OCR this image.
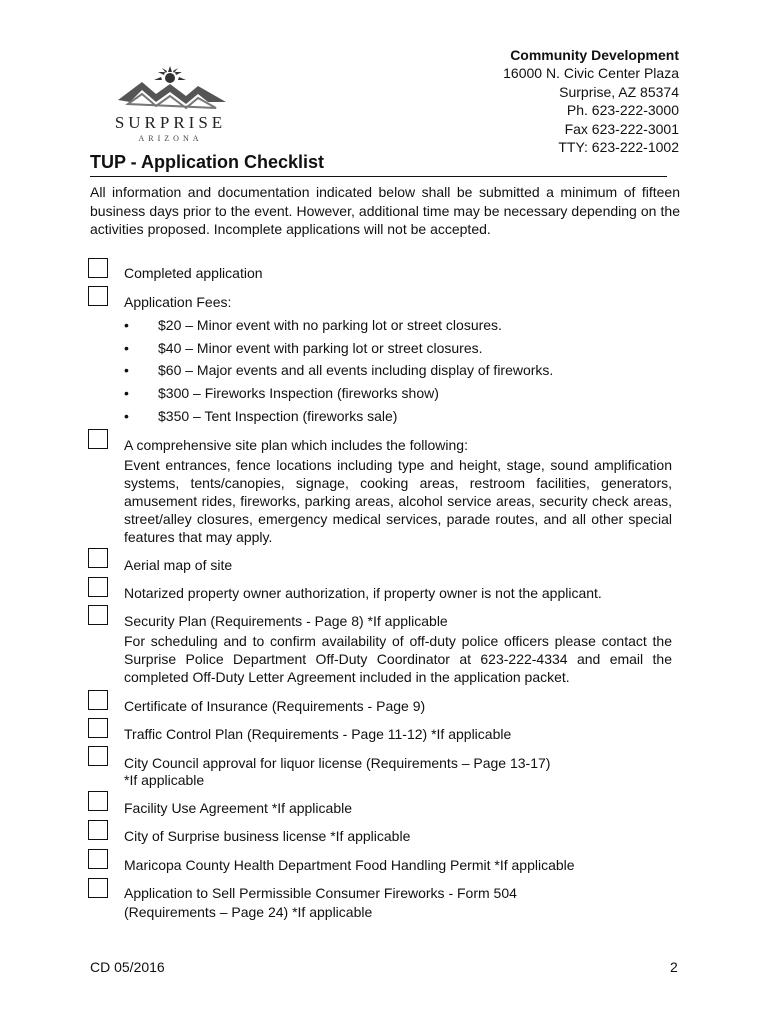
SURPRISE
ARIZONA
Community Development
16000 N. Civic Center Plaza
Surprise, AZ 85374
Ph. 623-222-3000
Fax 623-222-3001
TTY: 623-222-1002
TUP - Application Checklist
All information and documentation indicated below shall be submitted a minimum of fifteen business days prior to the event. However, additional time may be necessary depending on the activities proposed. Incomplete applications will not be accepted.
Completed application
Application Fees:
• $20 – Minor event with no parking lot or street closures.
• $40 – Minor event with parking lot or street closures.
• $60 – Major events and all events including display of fireworks.
• $300 – Fireworks Inspection (fireworks show)
• $350 – Tent Inspection (fireworks sale)
A comprehensive site plan which includes the following:
Event entrances, fence locations including type and height, stage, sound amplification systems, tents/canopies, signage, cooking areas, restroom facilities, generators, amusement rides, fireworks, parking areas, alcohol service areas, security check areas, street/alley closures, emergency medical services, parade routes, and all other special features that may apply.
Aerial map of site
Notarized property owner authorization, if property owner is not the applicant.
Security Plan (Requirements - Page 8) *If applicable
For scheduling and to confirm availability of off-duty police officers please contact the Surprise Police Department Off-Duty Coordinator at 623-222-4334 and email the completed Off-Duty Letter Agreement included in the application packet.
Certificate of Insurance (Requirements - Page 9)
Traffic Control Plan (Requirements - Page 11-12) *If applicable
City Council approval for liquor license (Requirements – Page 13-17)
*If applicable
Facility Use Agreement *If applicable
City of Surprise business license *If applicable
Maricopa County Health Department Food Handling Permit *If applicable
Application to Sell Permissible Consumer Fireworks - Form 504
(Requirements – Page 24) *If applicable
CD 05/2016	2
